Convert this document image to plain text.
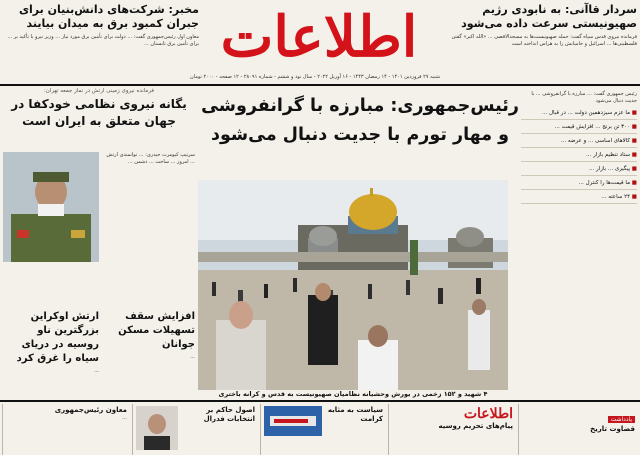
سردار قاآنی: به نابودی رژیم صهیونیستی سرعت داده می‌شود
فرمانده نیروی قدس سپاه گفت: حمله صهیونیست‌ها به مسجدالاقصی ... «الله اکبر» گفتن فلسطینی‌ها ... اسرائیل و حامیانش را به هراس انداخته است
اطلاعات
شنبه ۲۷ فروردین ۱۴۰۱ - ۱۴ رمضان ۱۴۴۳ - ۱۶ آوریل ۲۰۲۲ - سال نود و ششم - شماره ۲۸۰۹۱ - ۱۲ صفحه - ۲۰۰۰ تومان
مخبر: شرکت‌های دانش‌بنیان برای جبران کمبود برق به میدان بیایند
معاون اول رئیس‌جمهوری گفت: ... دولت برای تأمین برق مورد نیاز ... وزیر نیرو با تأکید بر ... برای تأمین برق تابستان ...
رئیس جمهوری گفت: ... مبارزه با گرانفروشی ... با جدیت دنبال می‌شود
■ ما عزم سیزدهمین دولت ... در قبال ...
■ ۳۰۰ تن برنج ... افزایش قیمت ...
■ کالاهای اساسی ... و عرضه ...
■ ستاد تنظیم بازار ...
■ پیگیری ... بازار ...
■ ما قیمت‌ها را کنترل ...
■ ۲۴ ساعته ...
رئیس‌جمهوری: مبارزه با گرانفروشی و مهار تورم با جدیت دنبال می‌شود
۴ شهید و ۱۵۲ زخمی در یورش وحشیانه نظامیان صهیونیست به قدس و کرانه باختری
فرمانده نیروی زمینی ارتش در نماز جمعه تهران:
یگانه نیروی نظامی خودکفا در جهان متعلق به ایران است
سرتیپ کیومرث حیدری: ... توانمندی ارتش ... امروز ... ساخت ... دشمن ...
ارتش اوکراین بزرگترین ناو روسیه در دریای سیاه را غرق کرد
...
افزایش سقف تسهیلات مسکن جوانان
...
یادداشت
قضاوت تاریخ
اطلاعات
پیام‌های تحریم روسیه
سیاست به مثابه کرامت
اصول حاکم بر انتخابات فدرال
معاون رئیس‌جمهوری
...
